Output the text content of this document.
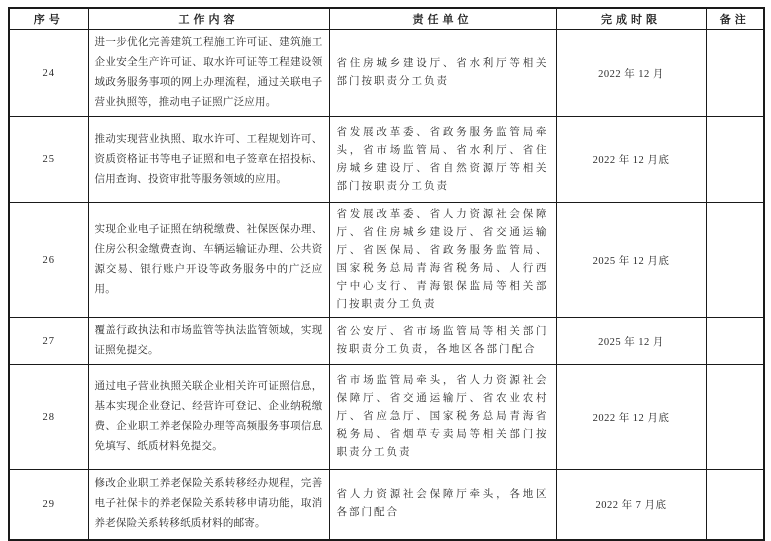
序号	工作内容	责任单位	完成时限	备注
24	进一步优化完善建筑工程施工许可证、建筑施工企业安全生产许可证、取水许可证等工程建设领域政务服务事项的网上办理流程，通过关联电子营业执照等，推动电子证照广泛应用。	省住房城乡建设厅、省水利厅等相关部门按职责分工负责	2022 年 12 月	
25	推动实现营业执照、取水许可、工程规划许可、资质资格证书等电子证照和电子签章在招投标、信用查询、投资审批等服务领域的应用。	省发展改革委、省政务服务监管局牵头，省市场监管局、省水利厅、省住房城乡建设厅、省自然资源厅等相关部门按职责分工负责	2022 年 12 月底	
26	实现企业电子证照在纳税缴费、社保医保办理、住房公积金缴费查询、车辆运输证办理、公共资源交易、银行账户开设等政务服务中的广泛应用。	省发展改革委、省人力资源社会保障厅、省住房城乡建设厅、省交通运输厅、省医保局、省政务服务监管局、国家税务总局青海省税务局、人行西宁中心支行、青海银保监局等相关部门按职责分工负责	2025 年 12 月底	
27	覆盖行政执法和市场监管等执法监管领域，实现证照免提交。	省公安厅、省市场监管局等相关部门按职责分工负责，各地区各部门配合	2025 年 12 月	
28	通过电子营业执照关联企业相关许可证照信息，基本实现企业登记、经营许可登记、企业纳税缴费、企业职工养老保险办理等高频服务事项信息免填写、纸质材料免提交。	省市场监管局牵头，省人力资源社会保障厅、省交通运输厅、省农业农村厅、省应急厅、国家税务总局青海省税务局、省烟草专卖局等相关部门按职责分工负责	2022 年 12 月底	
29	修改企业职工养老保险关系转移经办规程，完善电子社保卡的养老保险关系转移申请功能，取消养老保险关系转移纸质材料的邮寄。	省人力资源社会保障厅牵头，各地区各部门配合	2022 年 7 月底	
